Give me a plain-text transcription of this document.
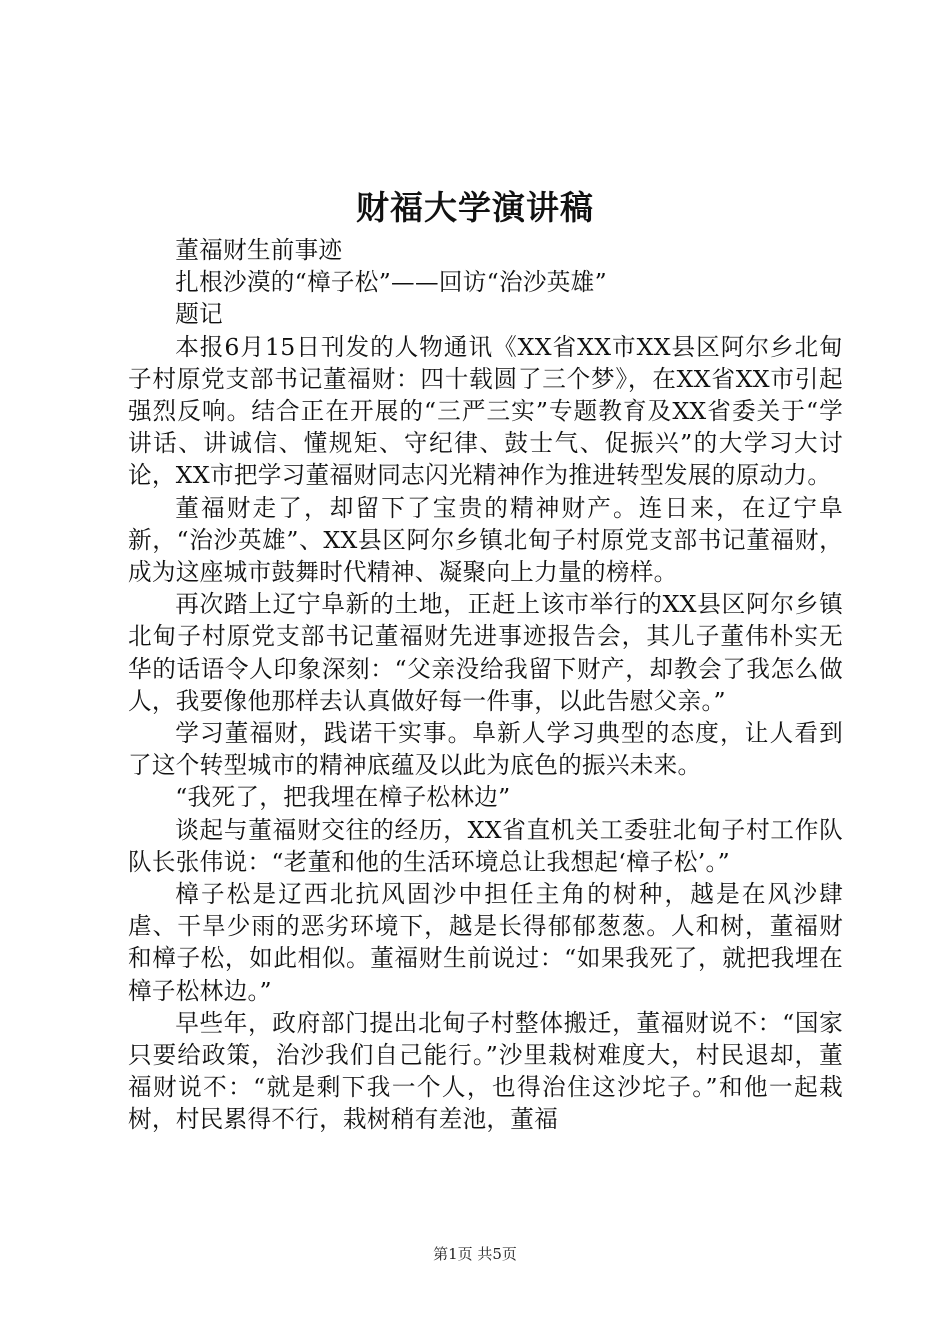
财福大学演讲稿

董福财生前事迹

扎根沙漠的“樟子松”——回访“治沙英雄”

题记

本报6月15日刊发的人物通讯《XX省XX市XX县区阿尔乡北甸子村原党支部书记董福财：四十载圆了三个梦》，在XX省XX市引起强烈反响。结合正在开展的“三严三实”专题教育及XX省委关于“学讲话、讲诚信、懂规矩、守纪律、鼓士气、促振兴”的大学习大讨论，XX市把学习董福财同志闪光精神作为推进转型发展的原动力。

董福财走了，却留下了宝贵的精神财产。连日来，在辽宁阜新，“治沙英雄”、XX县区阿尔乡镇北甸子村原党支部书记董福财，成为这座城市鼓舞时代精神、凝聚向上力量的榜样。

再次踏上辽宁阜新的土地，正赶上该市举行的XX县区阿尔乡镇北甸子村原党支部书记董福财先进事迹报告会，其儿子董伟朴实无华的话语令人印象深刻：“父亲没给我留下财产，却教会了我怎么做人，我要像他那样去认真做好每一件事，以此告慰父亲。”

学习董福财，践诺干实事。阜新人学习典型的态度，让人看到了这个转型城市的精神底蕴及以此为底色的振兴未来。

“我死了，把我埋在樟子松林边”

谈起与董福财交往的经历，XX省直机关工委驻北甸子村工作队队长张伟说：“老董和他的生活环境总让我想起‘樟子松’。”

樟子松是辽西北抗风固沙中担任主角的树种，越是在风沙肆虐、干旱少雨的恶劣环境下，越是长得郁郁葱葱。人和树，董福财和樟子松，如此相似。董福财生前说过：“如果我死了，就把我埋在樟子松林边。”

早些年，政府部门提出北甸子村整体搬迁，董福财说不：“国家只要给政策，治沙我们自己能行。”沙里栽树难度大，村民退却，董福财说不：“就是剩下我一个人，也得治住这沙坨子。”和他一起栽树，村民累得不行，栽树稍有差池，董福

第1页 共5页
